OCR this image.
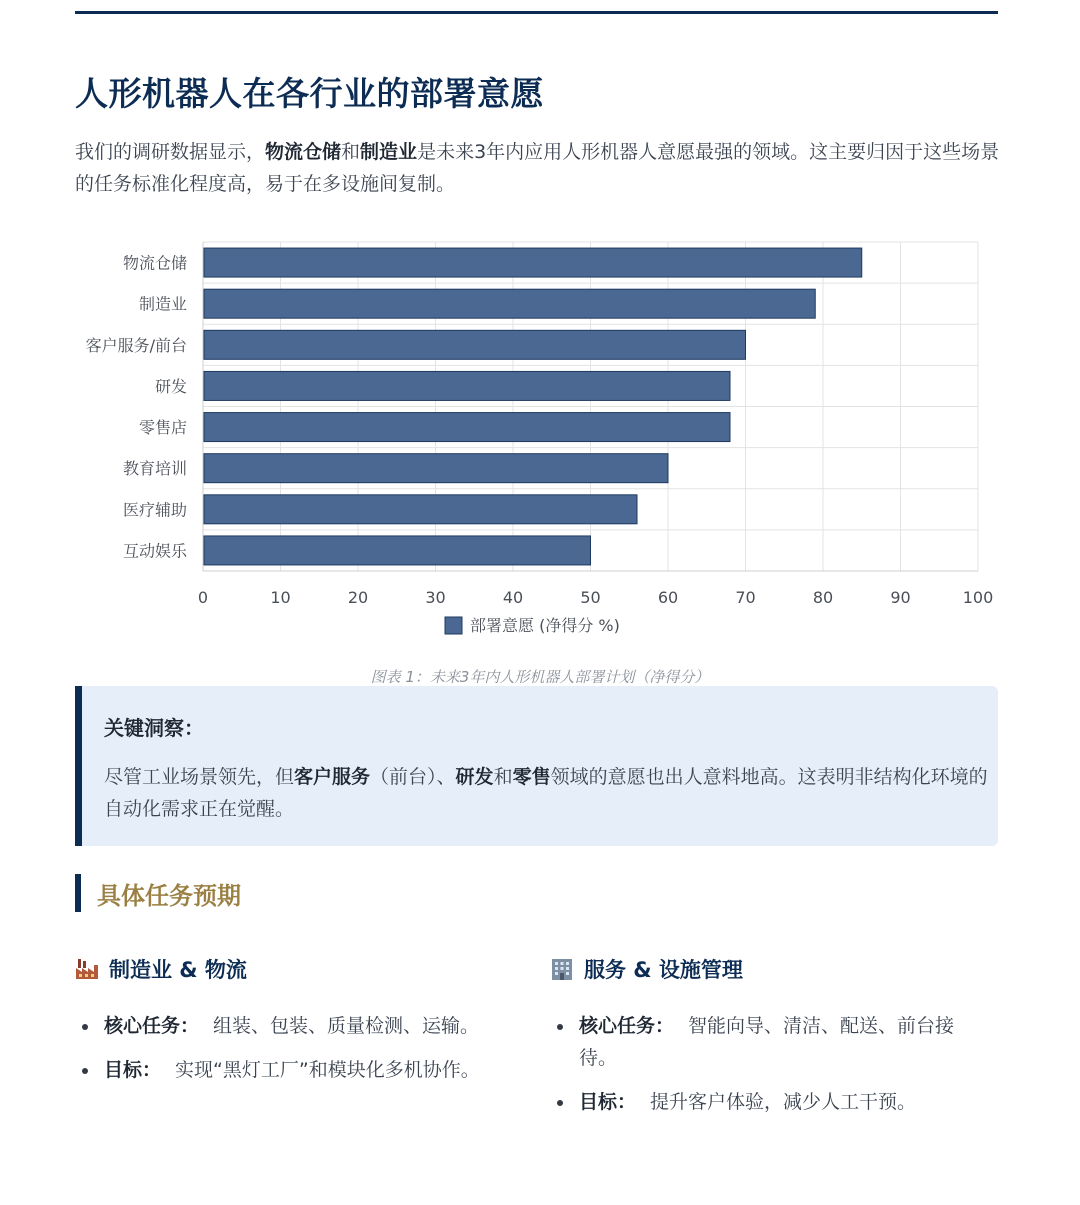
人形机器人在各行业的部署意愿

我们的调研数据显示，物流仓储和制造业是未来3年内应用人形机器人意愿最强的领域。这主要归因于这些场景的任务标准化程度高，易于在多设施间复制。

物流仓储
制造业
客户服务/前台
研发
零售店
教育培训
医疗辅助
互动娱乐
0	10	20	30	40	50	60	70	80	90	100
部署意愿 (净得分 %)
图表 1：未来3年内人形机器人部署计划（净得分）
关键洞察：

尽管工业场景领先，但客户服务（前台）、研发和零售领域的意愿也出人意料地高。这表明非结构化环境的自动化需求正在觉醒。

具体任务预期
制造业 & 物流
核心任务： 组装、包装、质量检测、运输。
目标： 实现“黑灯工厂”和模块化多机协作。
服务 & 设施管理
核心任务： 智能向导、清洁、配送、前台接待。
目标： 提升客户体验，减少人工干预。
